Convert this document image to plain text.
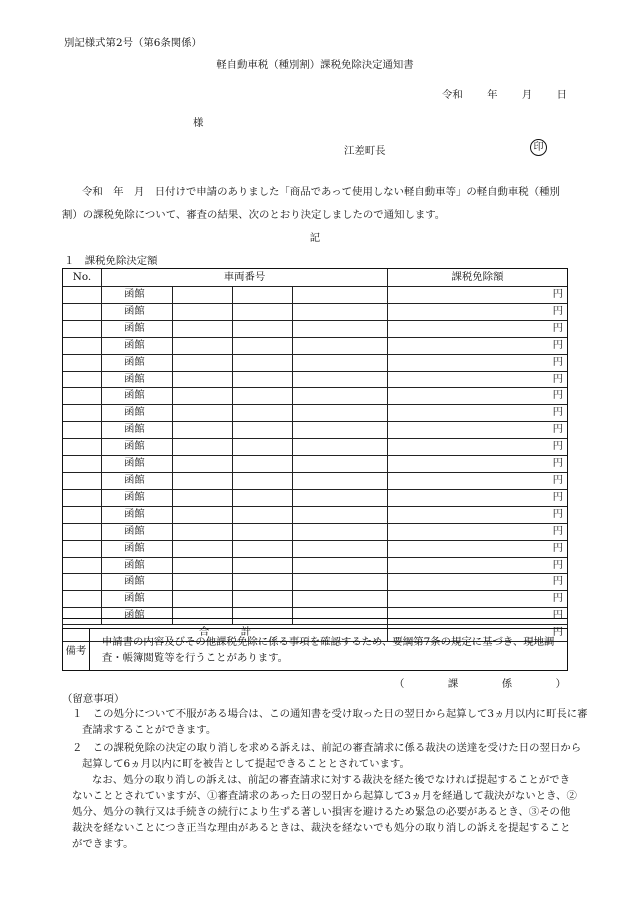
別記様式第2号（第6条関係）
軽自動車税（種別割）課税免除決定通知書
令和 年 月 日
様
江差町長	印
令和　年　月　日付けで申請のありました「商品であって使用しない軽自動車等」の軽自動車税（種別割）の課税免除について、審査の結果、次のとおり決定しましたので通知します。
記
１　課税免除決定額
No.	車両番号				課税免除額
	函館				円
	函館				円
	函館				円
	函館				円
	函館				円
	函館				円
	函館				円
	函館				円
	函館				円
	函館				円
	函館				円
	函館				円
	函館				円
	函館				円
	函館				円
	函館				円
	函館				円
	函館				円
	函館				円
	函館				円
合　　　計					円
備考
申請書の内容及びその他課税免除に係る事項を確認するため、要綱第7条の規定に基づき、現地調査・帳簿閲覧等を行うことがあります。
（	課	係	）
（留意事項）
１　この処分について不服がある場合は、この通知書を受け取った日の翌日から起算して3ヵ月以内に町長に審査請求することができます。
２　この課税免除の決定の取り消しを求める訴えは、前記の審査請求に係る裁決の送達を受けた日の翌日から起算して6ヵ月以内に町を被告として提起できることとされています。
なお、処分の取り消しの訴えは、前記の審査請求に対する裁決を経た後でなければ提起することができないこととされていますが、①審査請求のあった日の翌日から起算して3ヵ月を経過して裁決がないとき、②処分、処分の執行又は手続きの続行により生ずる著しい損害を避けるため緊急の必要があるとき、③その他裁決を経ないことにつき正当な理由があるときは、裁決を経ないでも処分の取り消しの訴えを提起することができます。
